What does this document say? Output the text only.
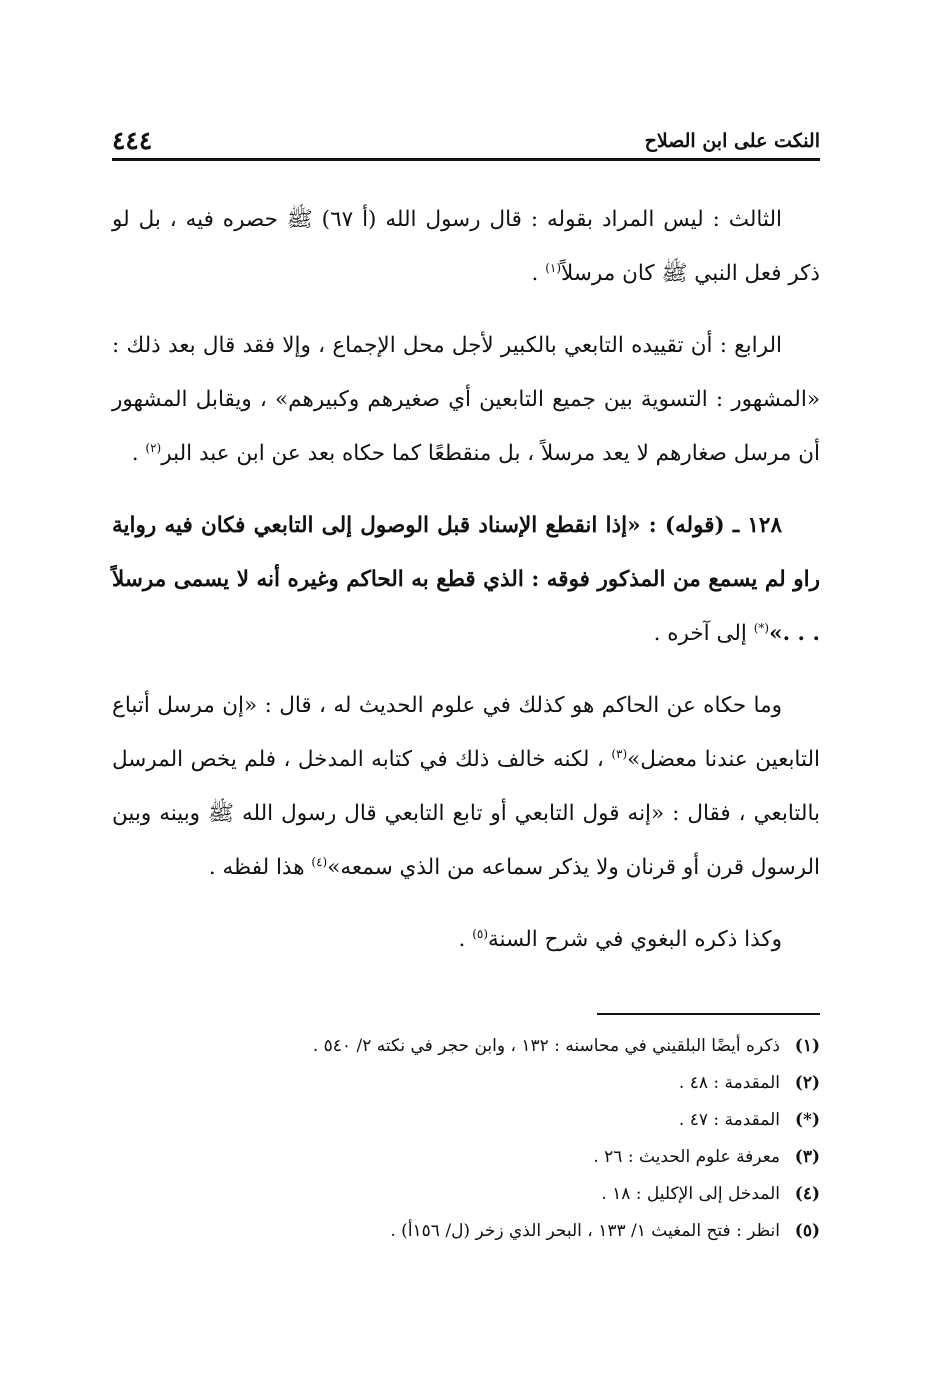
النكت على ابن الصلاح
٤٤٤

الثالث : ليس المراد بقوله : قال رسول الله (أ ٦٧) ﷺ حصره فيه ، بل لو ذكر فعل النبي ﷺ كان مرسلاً$^{(١)}$ .

الرابع : أن تقييده التابعي بالكبير لأجل محل الإجماع ، وإلا فقد قال بعد ذلك : «المشهور : التسوية بين جميع التابعين أي صغيرهم وكبيرهم» ، ويقابل المشهور أن مرسل صغارهم لا يعد مرسلاً ، بل منقطعًا كما حكاه بعد عن ابن عبد البر$^{(٢)}$ .

١٢٨ ـ (قوله) : «إذا انقطع الإسناد قبل الوصول إلى التابعي فكان فيه رواية راو لم يسمع من المذكور فوقه : الذي قطع به الحاكم وغيره أنه لا يسمى مرسلاً . . .»(*) إلى آخره .

وما حكاه عن الحاكم هو كذلك في علوم الحديث له ، قال : «إن مرسل أتباع التابعين عندنا معضل»$^{(٣)}$ ، لكنه خالف ذلك في كتابه المدخل ، فلم يخص المرسل بالتابعي ، فقال : «إنه قول التابعي أو تابع التابعي قال رسول الله ﷺ وبينه وبين الرسول قرن أو قرنان ولا يذكر سماعه من الذي سمعه»$^{(٤)}$ هذا لفظه .

وكذا ذكره البغوي في شرح السنة$^{(٥)}$ .

(١)
ذكره أيضًا البلقيني في محاسنه : ١٣٢ ، وابن حجر في نكته ٢/ ٥٤٠ .
(٢)
المقدمة : ٤٨ .
(*)
المقدمة : ٤٧ .
(٣)
معرفة علوم الحديث : ٢٦ .
(٤)
المدخل إلى الإكليل : ١٨ .
(٥)
انظر : فتح المغيث ١/ ١٣٣ ، البحر الذي زخر (ل/ ١٥٦أ) .
